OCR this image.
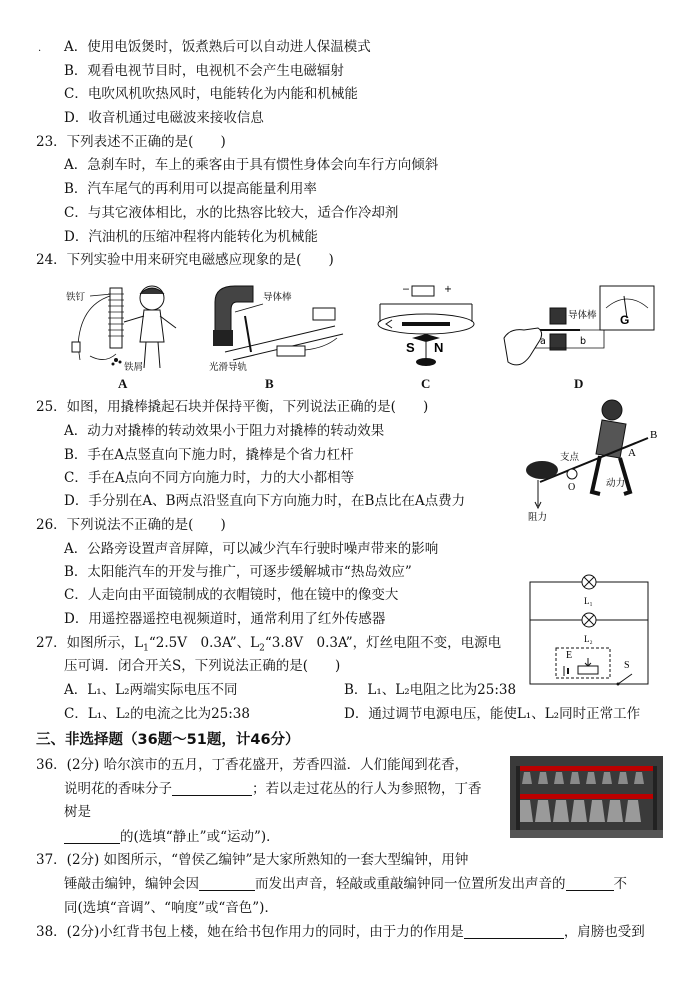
. A．使用电饭煲时，饭煮熟后可以自动进人保温模式
B．观看电视节目时，电视机不会产生电磁辐射
C．电吹风机吹热风时，电能转化为内能和机械能
D．收音机通过电磁波来接收信息
23．下列表述不正确的是(　　)
A．急刹车时，车上的乘客由于具有惯性身体会向车行方向倾斜
B．汽车尾气的再利用可以提高能量利用率
C．与其它液体相比，水的比热容比较大，适合作冷却剂
D．汽油机的压缩冲程将内能转化为机械能
24．下列实验中用来研究电磁感应现象的是(　　)
铁钉
铁屑
A
导体棒
光滑导轨
B
−	+
S N
C
G
导体棒
a	b
D
25．如图，用撬棒撬起石块并保持平衡，下列说法正确的是(　　)
A．动力对撬棒的转动效果小于阻力对撬棒的转动效果
B．手在A点竖直向下施力时，撬棒是个省力杠杆
C．手在A点向不同方向施力时，力的大小都相等
D．手分别在A、B两点沿竖直向下方向施力时，在B点比在A点费力
B
A
支点
O
阻力
动力
26．下列说法不正确的是(　　)
A．公路旁设置声音屏障，可以减少汽车行驶时噪声带来的影响
B．太阳能汽车的开发与推广，可逐步缓解城市“热岛效应”
C．人走向由平面镜制成的衣帽镜时，他在镜中的像变大
D．用遥控器遥控电视频道时，通常利用了红外传感器
L₁
L₂
E
S
27．如图所示，$L_1“2.5V$　0.3A”、$L_2“3.8V$　0.3A”，灯丝电阻不变，电源电
压可调．闭合开关S，下列说法正确的是(　　)
A．L₁、L₂两端实际电压不同	B．L₁、L₂电阻之比为25:38
C．L₁、L₂的电流之比为25:38	D．通过调节电源电压，能使L₁、L₂同时正常工作
三、非选择题（36题～51题，计46分）
36．(2分) 哈尔滨市的五月，丁香花盛开，芳香四溢．人们能闻到花香，
说明花的香味分子	；若以走过花丛的行人为参照物，丁香
树是
的(选填“静止”或“运动”)．
37．(2分) 如图所示，“曾侯乙编钟”是大家所熟知的一套大型编钟，用钟
锤敲击编钟，编钟会因	而发出声音，轻敲或重敲编钟同一位置所发出声音的	不
同(选填“音调”、“响度”或“音色”)．
38．(2分)小红背书包上楼，她在给书包作用力的同时，由于力的作用是	，肩膀也受到
